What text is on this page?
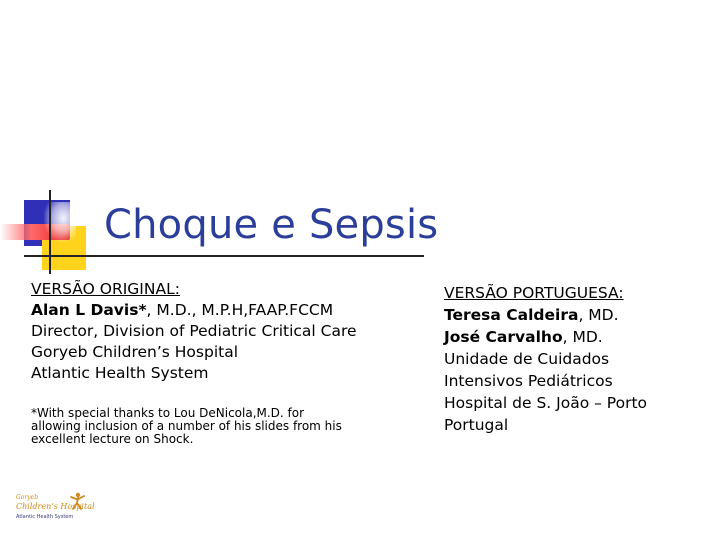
Choque e Sepsis
VERSÃO ORIGINAL:
Alan L Davis*, M.D., M.P.H,FAAP.FCCM
Director, Division of Pediatric Critical Care
Goryeb Children’s Hospital
Atlantic Health System
*With special thanks to Lou DeNicola,M.D. for
allowing inclusion of a number of his slides from his
excellent lecture on Shock.
VERSÃO PORTUGUESA:
Teresa Caldeira, MD.
José Carvalho, MD.
Unidade de Cuidados
Intensivos Pediátricos
Hospital de S. João – Porto
Portugal
Goryeb
Children’s Hospital
Atlantic Health System
